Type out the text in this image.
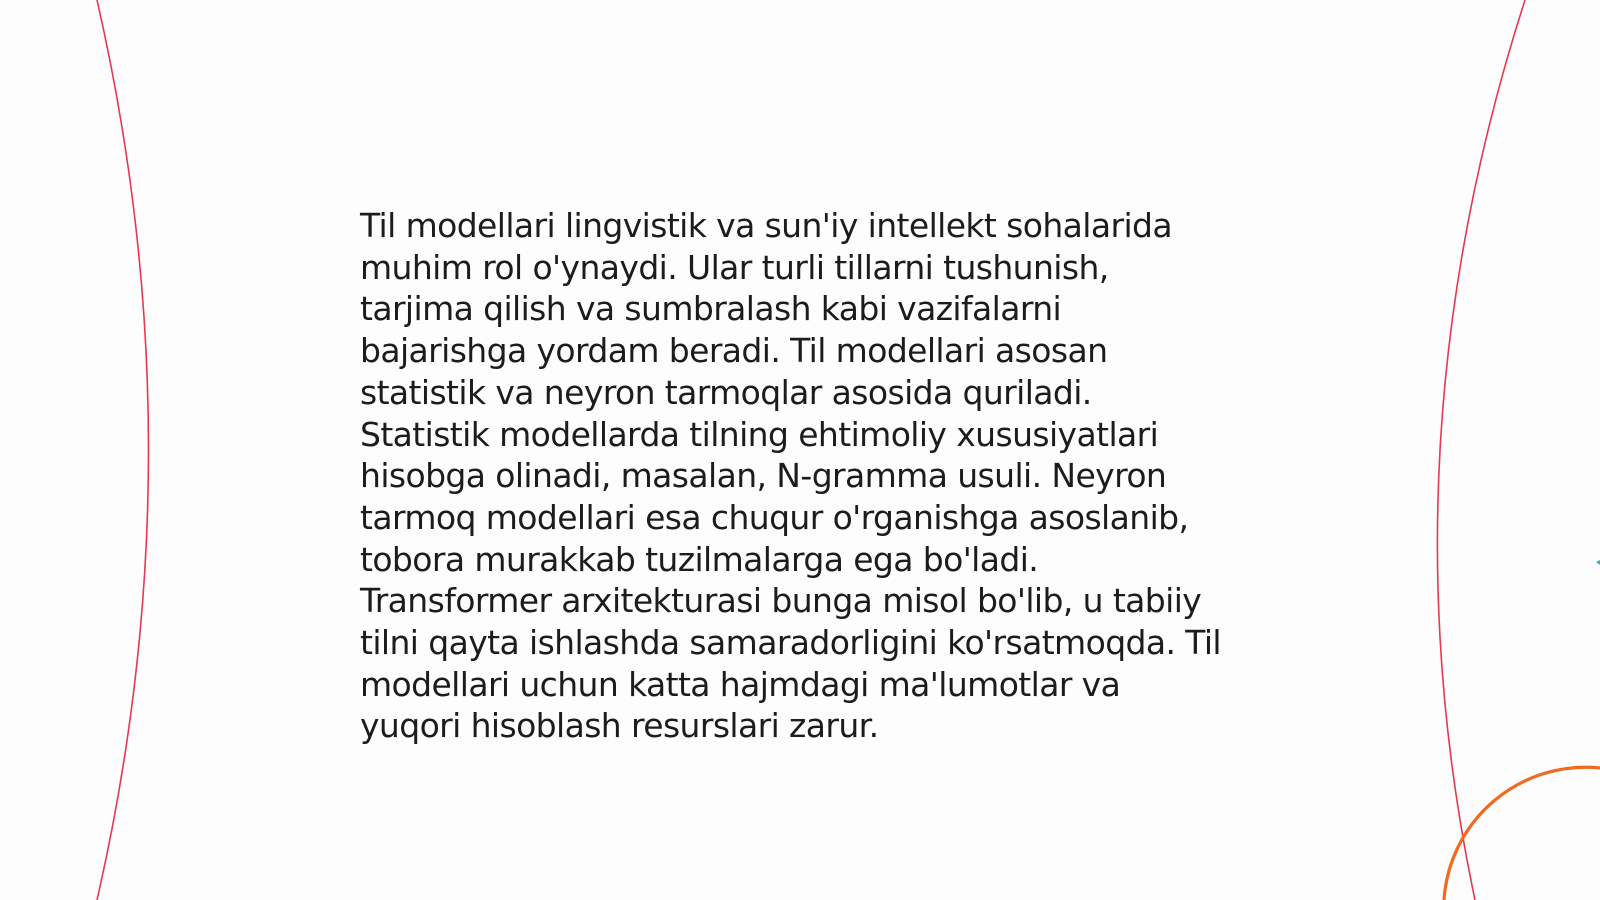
Til modellari lingvistik va sun'iy intellekt sohalarida
muhim rol o'ynaydi. Ular turli tillarni tushunish,
tarjima qilish va sumbralash kabi vazifalarni
bajarishga yordam beradi. Til modellari asosan
statistik va neyron tarmoqlar asosida quriladi.
Statistik modellarda tilning ehtimoliy xususiyatlari
hisobga olinadi, masalan, N-gramma usuli. Neyron
tarmoq modellari esa chuqur o'rganishga asoslanib,
tobora murakkab tuzilmalarga ega bo'ladi.
Transformer arxitekturasi bunga misol bo'lib, u tabiiy
tilni qayta ishlashda samaradorligini ko'rsatmoqda. Til
modellari uchun katta hajmdagi ma'lumotlar va
yuqori hisoblash resurslari zarur.
